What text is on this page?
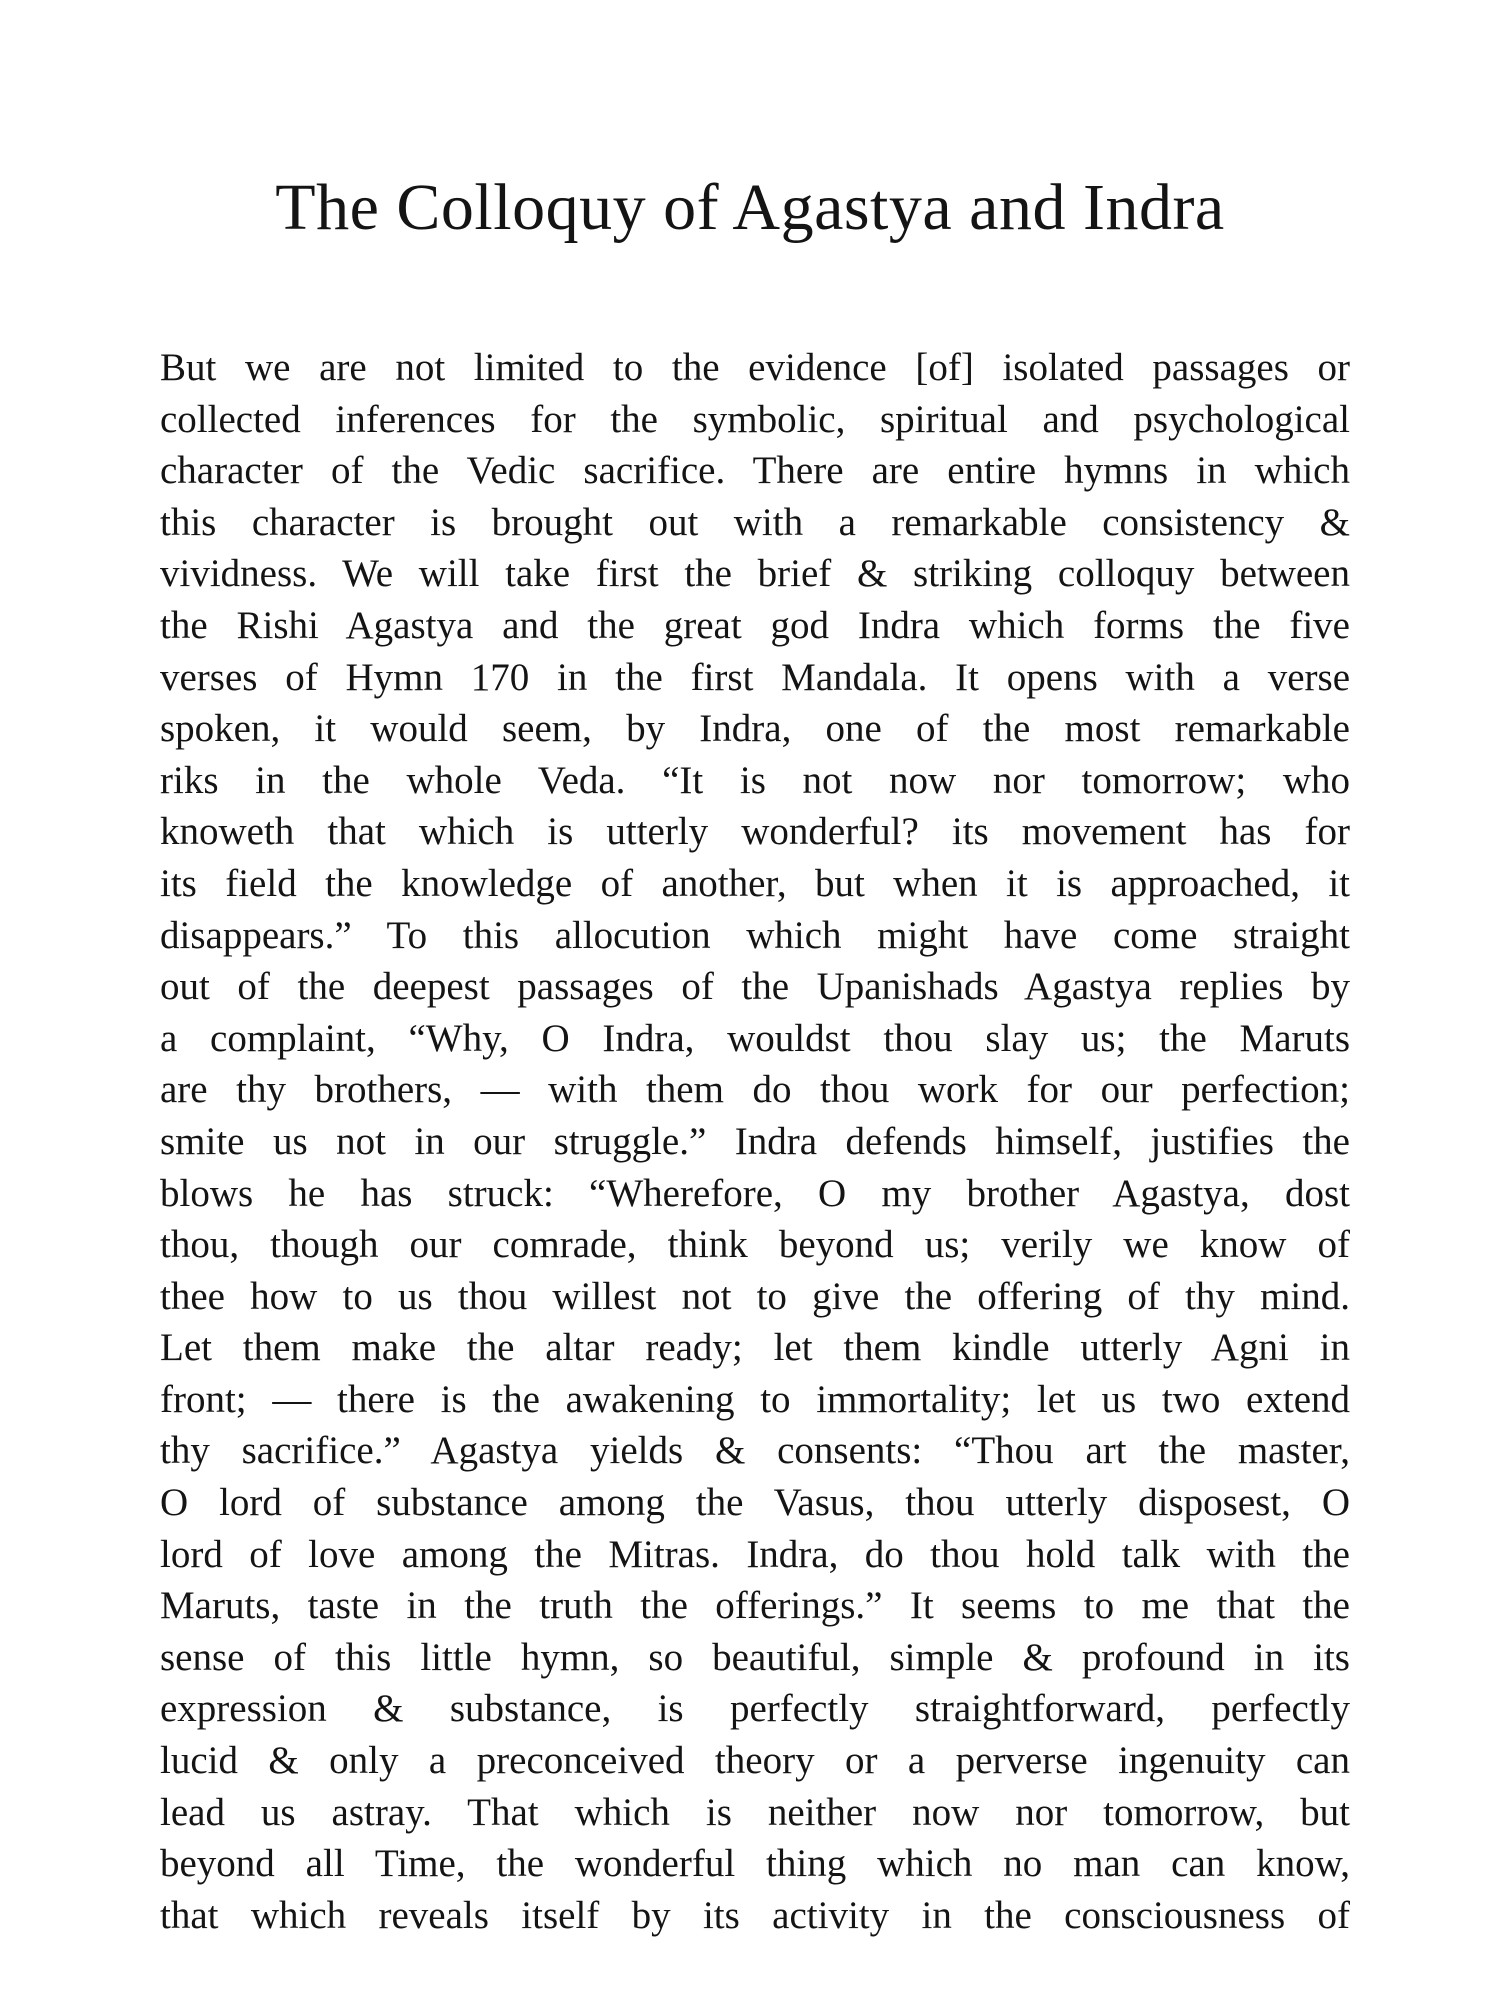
The Colloquy of Agastya and Indra
But we are not limited to the evidence [of] isolated passages or
collected inferences for the symbolic, spiritual and psychological
character of the Vedic sacrifice. There are entire hymns in which
this character is brought out with a remarkable consistency &
vividness. We will take first the brief & striking colloquy between
the Rishi Agastya and the great god Indra which forms the five
verses of Hymn 170 in the first Mandala. It opens with a verse
spoken, it would seem, by Indra, one of the most remarkable
riks in the whole Veda. “It is not now nor tomorrow; who
knoweth that which is utterly wonderful? its movement has for
its field the knowledge of another, but when it is approached, it
disappears.” To this allocution which might have come straight
out of the deepest passages of the Upanishads Agastya replies by
a complaint, “Why, O Indra, wouldst thou slay us; the Maruts
are thy brothers, — with them do thou work for our perfection;
smite us not in our struggle.” Indra defends himself, justifies the
blows he has struck: “Wherefore, O my brother Agastya, dost
thou, though our comrade, think beyond us; verily we know of
thee how to us thou willest not to give the offering of thy mind.
Let them make the altar ready; let them kindle utterly Agni in
front; — there is the awakening to immortality; let us two extend
thy sacrifice.” Agastya yields & consents: “Thou art the master,
O lord of substance among the Vasus, thou utterly disposest, O
lord of love among the Mitras. Indra, do thou hold talk with the
Maruts, taste in the truth the offerings.” It seems to me that the
sense of this little hymn, so beautiful, simple & profound in its
expression & substance, is perfectly straightforward, perfectly
lucid & only a preconceived theory or a perverse ingenuity can
lead us astray. That which is neither now nor tomorrow, but
beyond all Time, the wonderful thing which no man can know,
that which reveals itself by its activity in the consciousness of
